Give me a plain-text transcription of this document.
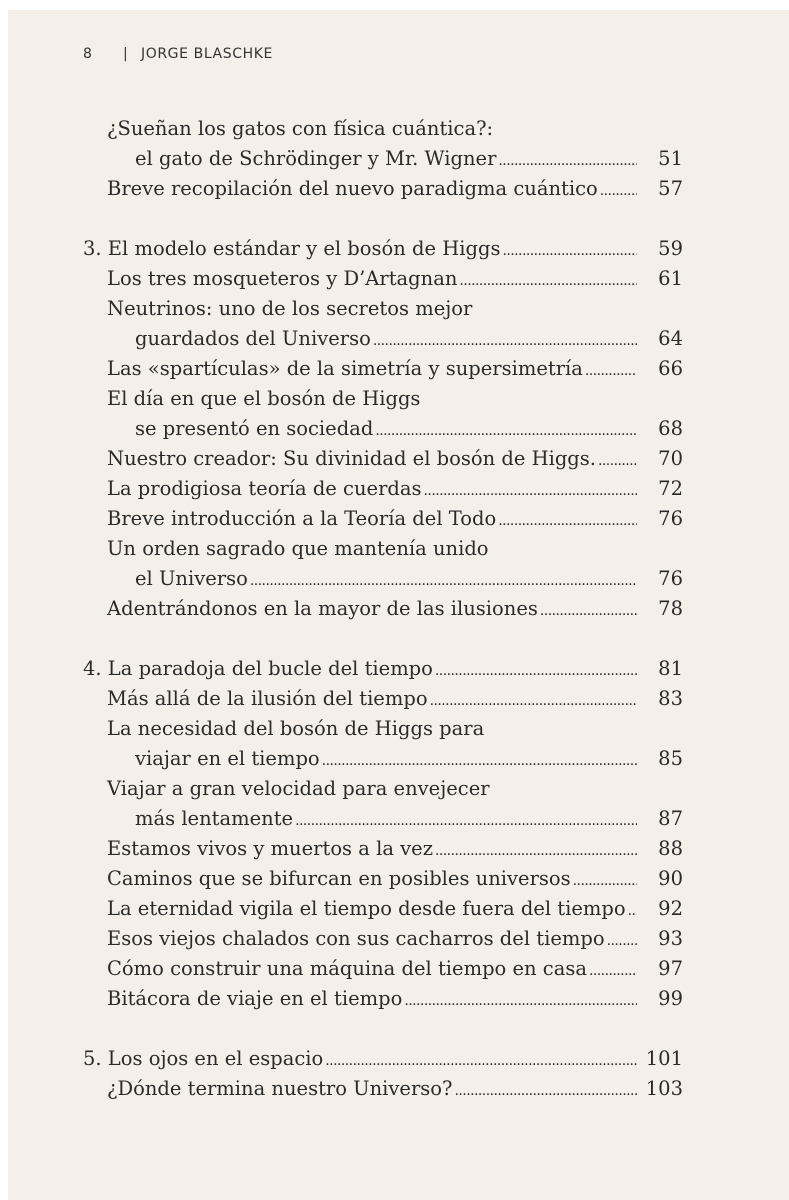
8	| JORGE BLASCHKE
¿Sueñan los gatos con física cuántica?:
el gato de Schrödinger y Mr. Wigner . . .	51
Breve recopilación del nuevo paradigma cuántico . . .	57
3. El modelo estándar y el bosón de Higgs . . .	59
Los tres mosqueteros y D’Artagnan . . .	61
Neutrinos: uno de los secretos mejor
guardados del Universo . . .	64
Las «spartículas» de la simetría y supersimetría . . .	66
El día en que el bosón de Higgs
se presentó en sociedad . . .	68
Nuestro creador: Su divinidad el bosón de Higgs. . . .	70
La prodigiosa teoría de cuerdas . . .	72
Breve introducción a la Teoría del Todo . . .	76
Un orden sagrado que mantenía unido
el Universo . . .	76
Adentrándonos en la mayor de las ilusiones . . .	78
4. La paradoja del bucle del tiempo . . .	81
Más allá de la ilusión del tiempo . . .	83
La necesidad del bosón de Higgs para
viajar en el tiempo . . .	85
Viajar a gran velocidad para envejecer
más lentamente . . .	87
Estamos vivos y muertos a la vez . . .	88
Caminos que se bifurcan en posibles universos . . .	90
La eternidad vigila el tiempo desde fuera del tiempo . . .	92
Esos viejos chalados con sus cacharros del tiempo . . .	93
Cómo construir una máquina del tiempo en casa . . .	97
Bitácora de viaje en el tiempo . . .	99
5. Los ojos en el espacio . . .	101
¿Dónde termina nuestro Universo? . . .	103
